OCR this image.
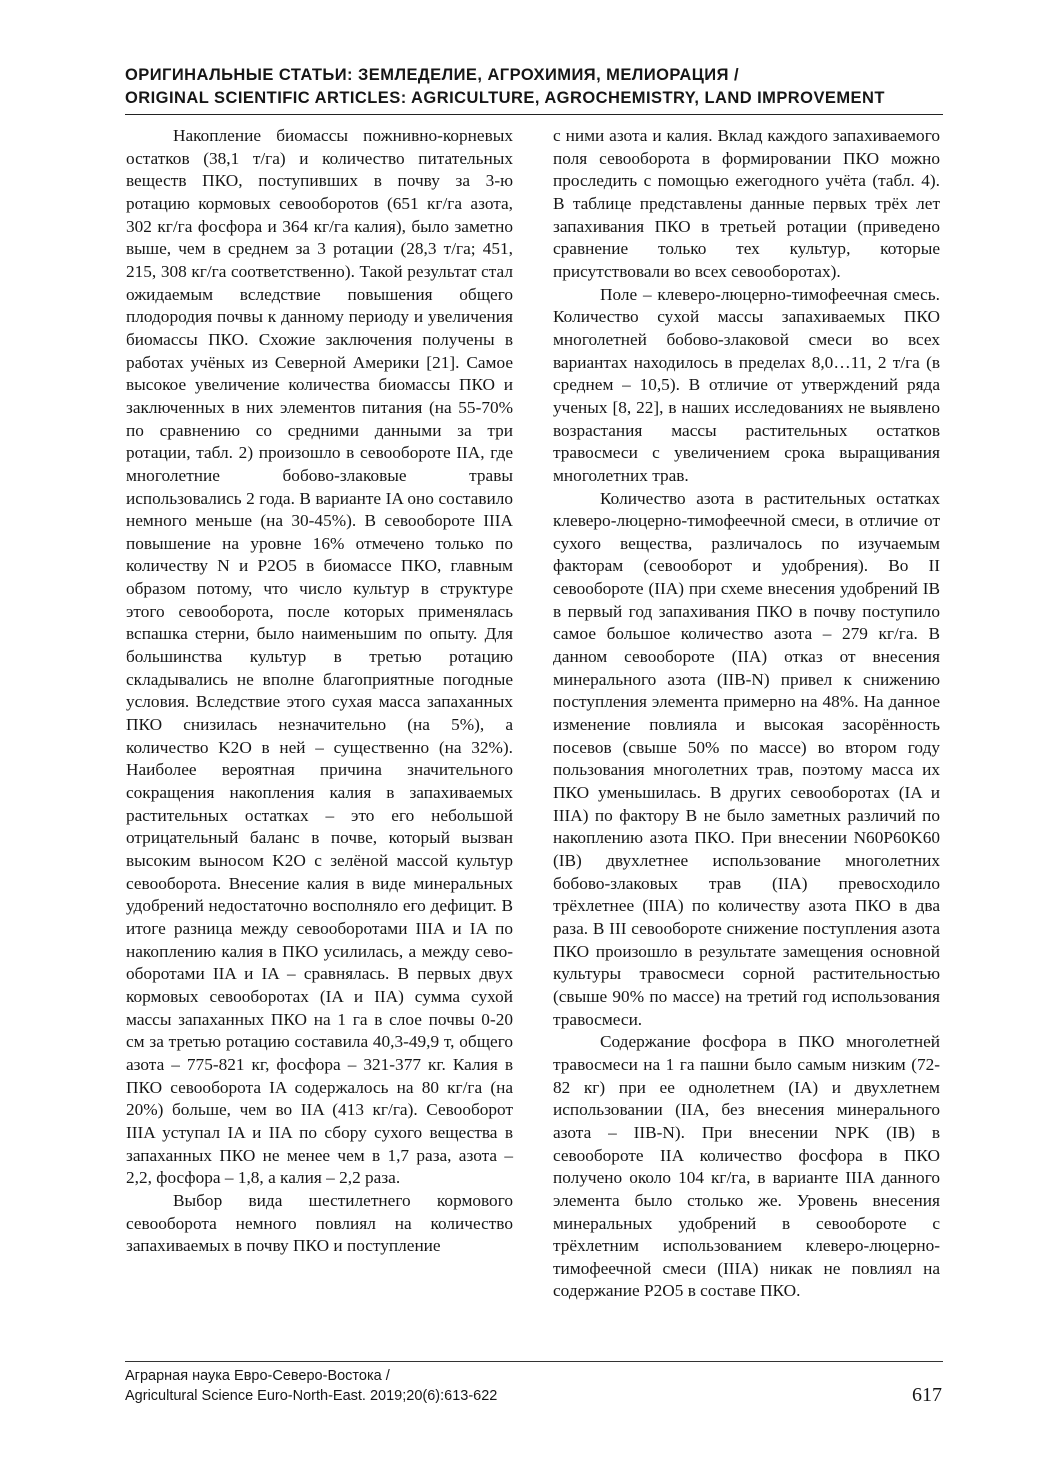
ОРИГИНАЛЬНЫЕ СТАТЬИ: ЗЕМЛЕДЕЛИЕ, АГРОХИМИЯ, МЕЛИОРАЦИЯ /
ORIGINAL SCIENTIFIC ARTICLES: AGRICULTURE, AGROCHEMISTRY, LAND IMPROVEMENT

Накопление биомассы пожнивно-корневых остатков (38,1 т/га) и количество питательных веществ ПКО, поступивших в почву за 3-ю ротацию кормовых севооборотов (651 кг/га азота, 302 кг/га фосфора и 364 кг/га калия), было заметно выше, чем в среднем за 3 ротации (28,3 т/га; 451, 215, 308 кг/га соответственно). Такой результат стал ожидаемым вследствие повышения общего плодородия почвы к данному периоду и увеличения биомассы ПКО. Схожие заключения получены в работах учёных из Северной Америки [21]. Самое высокое увеличение количества биомассы ПКО и заключенных в них элементов питания (на 55-70% по сравнению со средними данными за три ротации, табл. 2) произошло в севообороте IIA, где многолетние бобово-злаковые травы использовались 2 года. В варианте IA оно составило немного меньше (на 30-45%). В севообороте IIIA повышение на уровне 16% отмечено только по количеству N и P2O5 в биомассе ПКО, главным образом потому, что число культур в структуре этого севооборота, после которых применялась вспашка стерни, было наименьшим по опыту. Для большинства культур в третью ротацию складывались не вполне благоприятные погодные условия. Вследствие этого сухая масса запаханных ПКО снизилась незначительно (на 5%), а количество K2O в ней – существенно (на 32%). Наиболее вероятная причина значительного сокращения накопления калия в запахиваемых растительных остатках – это его небольшой отрицательный баланс в почве, который вызван высоким выносом K2O с зелёной массой культур севооборота. Внесение калия в виде минеральных удобрений недостаточно восполняло его дефицит. В итоге разница между севооборотами IIIA и IA по накоплению калия в ПКО усилилась, а между севооборотами IIA и IA – сравнялась. В первых двух кормовых севооборотах (IA и IIA) сумма сухой массы запаханных ПКО на 1 га в слое почвы 0-20 см за третью ротацию составила 40,3-49,9 т, общего азота – 775-821 кг, фосфора – 321-377 кг. Калия в ПКО севооборота IA содержалось на 80 кг/га (на 20%) больше, чем во IIA (413 кг/га). Севооборот IIIA уступал IA и IIA по сбору сухого вещества в запаханных ПКО не менее чем в 1,7 раза, азота – 2,2, фосфора – 1,8, а калия – 2,2 раза.

Выбор вида шестилетнего кормового севооборота немного повлиял на количество запахиваемых в почву ПКО и поступление

с ними азота и калия. Вклад каждого запахиваемого поля севооборота в формировании ПКО можно проследить с помощью ежегодного учёта (табл. 4). В таблице представлены данные первых трёх лет запахивания ПКО в третьей ротации (приведено сравнение только тех культур, которые присутствовали во всех севооборотах).

Поле – клеверо-люцерно-тимофеечная смесь. Количество сухой массы запахиваемых ПКО многолетней бобово-злаковой смеси во всех вариантах находилось в пределах 8,0…11, 2 т/га (в среднем – 10,5). В отличие от утверждений ряда ученых [8, 22], в наших исследованиях не выявлено возрастания массы растительных остатков травосмеси с увеличением срока выращивания многолетних трав.

Количество азота в растительных остатках клеверо-люцерно-тимофеечной смеси, в отличие от сухого вещества, различалось по изучаемым факторам (севооборот и удобрения). Во II севообороте (IIA) при схеме внесения удобрений IB в первый год запахивания ПКО в почву поступило самое большое количество азота – 279 кг/га. В данном севообороте (IIA) отказ от внесения минерального азота (IIB-N) привел к снижению поступления элемента примерно на 48%. На данное изменение повлияла и высокая засорённость посевов (свыше 50% по массе) во втором году пользования многолетних трав, поэтому масса их ПКО уменьшилась. В других севооборотах (IA и IIIA) по фактору В не было заметных различий по накоплению азота ПКО. При внесении N60P60K60 (IB) двухлетнее использование многолетних бобово-злаковых трав (IIA) превосходило трёхлетнее (IIIA) по количеству азота ПКО в два раза. В III севообороте снижение поступления азота ПКО произошло в результате замещения основной культуры травосмеси сорной растительностью (свыше 90% по массе) на третий год использования травосмеси.

Содержание фосфора в ПКО многолетней травосмеси на 1 га пашни было самым низким (72-82 кг) при ее однолетнем (IA) и двухлетнем использовании (IIA, без внесения минерального азота – IIB-N). При внесении NPK (IB) в севообороте IIA количество фосфора в ПКО получено около 104 кг/га, в варианте IIIA данного элемента было столько же. Уровень внесения минеральных удобрений в севообороте с трёхлетним использованием клеверо-люцерно-тимофеечной смеси (IIIA) никак не повлиял на содержание P2O5 в составе ПКО.

Аграрная наука Евро-Северо-Востока /
Agricultural Science Euro-North-East. 2019;20(6):613-622	617
